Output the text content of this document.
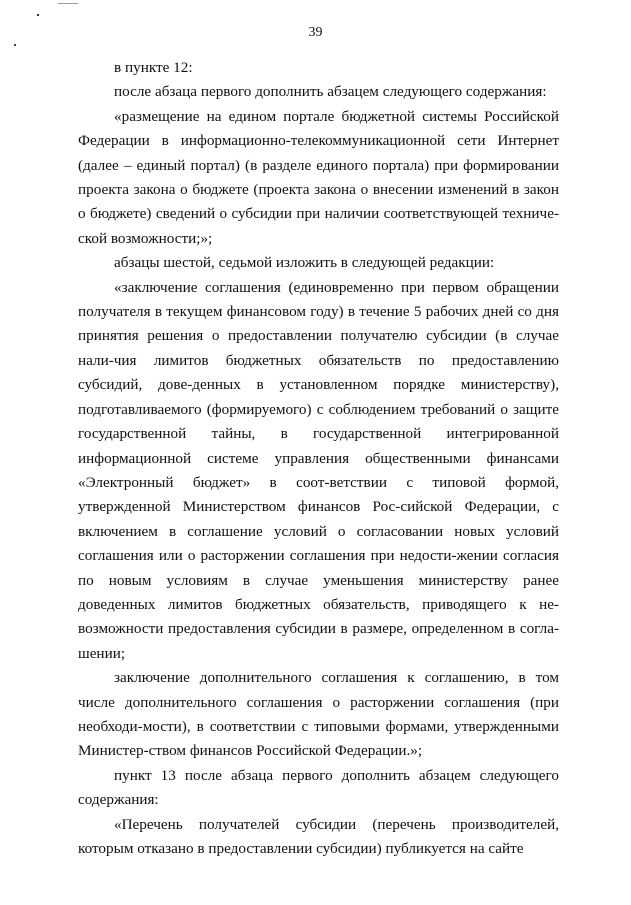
39

в пункте 12:

после абзаца первого дополнить абзацем следующего содержания:

«размещение на едином портале бюджетной системы Российской Федерации в информационно-телекоммуникационной сети Интернет (далее – единый портал) (в разделе единого портала) при формировании проекта закона о бюджете (проекта закона о внесении изменений в закон о бюджете) сведений о субсидии при наличии соответствующей техниче-ской возможности;»;

абзацы шестой, седьмой изложить в следующей редакции:

«заключение соглашения (единовременно при первом обращении получателя в текущем финансовом году) в течение 5 рабочих дней со дня принятия решения о предоставлении получателю субсидии (в случае нали-чия лимитов бюджетных обязательств по предоставлению субсидий, дове-денных в установленном порядке министерству), подготавливаемого (формируемого) с соблюдением требований о защите государственной тайны, в государственной интегрированной информационной системе управления общественными финансами «Электронный бюджет» в соот-ветствии с типовой формой, утвержденной Министерством финансов Рос-сийской Федерации, с включением в соглашение условий о согласовании новых условий соглашения или о расторжении соглашения при недости-жении согласия по новым условиям в случае уменьшения министерству ранее доведенных лимитов бюджетных обязательств, приводящего к не-возможности предоставления субсидии в размере, определенном в согла-шении;

заключение дополнительного соглашения к соглашению, в том числе дополнительного соглашения о расторжении соглашения (при необходи-мости), в соответствии с типовыми формами, утвержденными Министер-ством финансов Российской Федерации.»;

пункт 13 после абзаца первого дополнить абзацем следующего содержания:

«Перечень получателей субсидии (перечень производителей, которым отказано в предоставлении субсидии) публикуется на сайте
